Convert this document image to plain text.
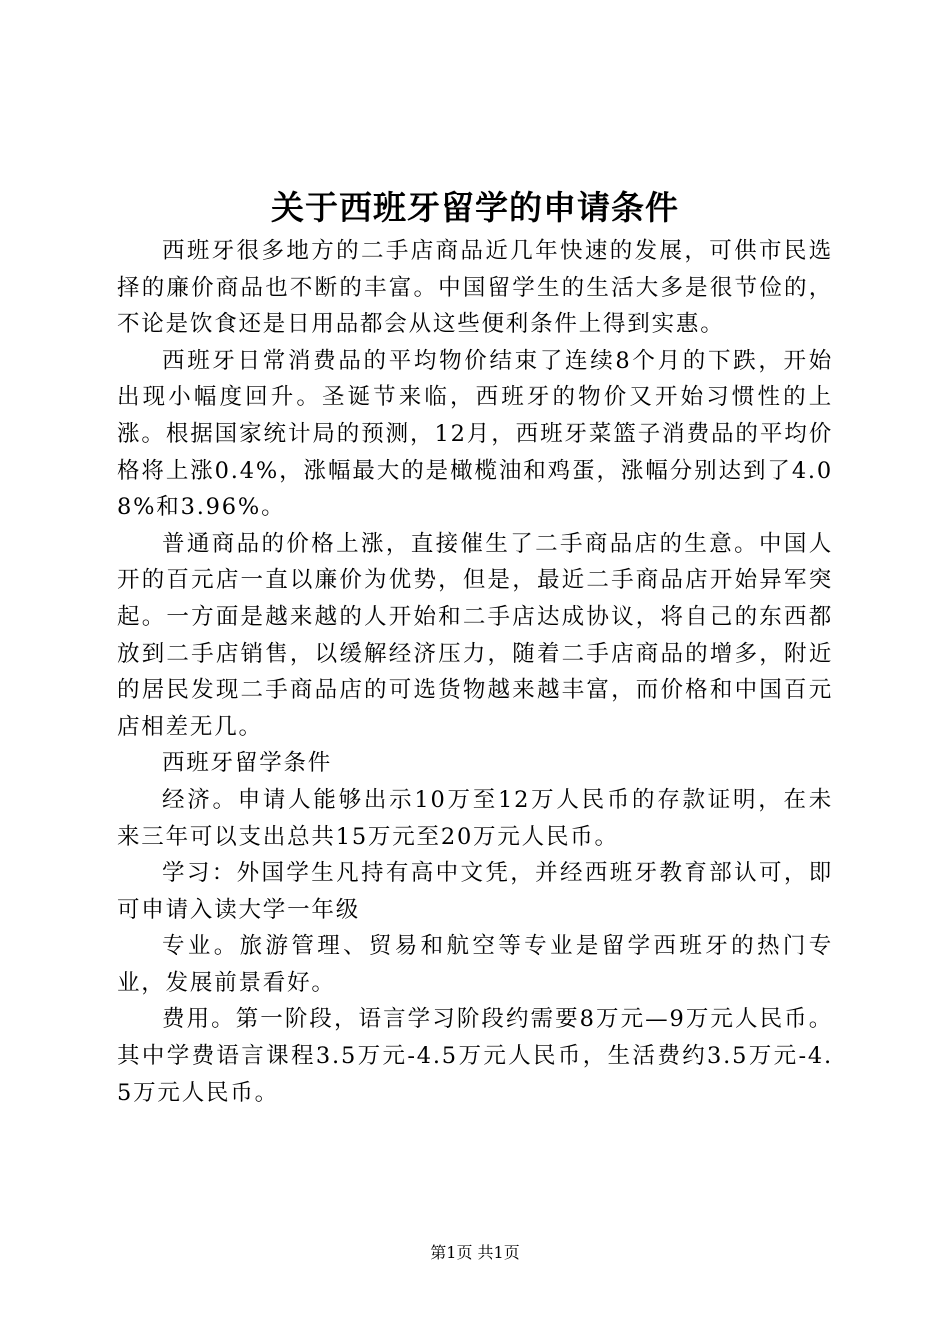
关于西班牙留学的申请条件

西班牙很多地方的二手店商品近几年快速的发展，可供市民选择的廉价商品也不断的丰富。中国留学生的生活大多是很节俭的，不论是饮食还是日用品都会从这些便利条件上得到实惠。

西班牙日常消费品的平均物价结束了连续8个月的下跌，开始出现小幅度回升。圣诞节来临，西班牙的物价又开始习惯性的上涨。根据国家统计局的预测，12月，西班牙菜篮子消费品的平均价格将上涨0.4%，涨幅最大的是橄榄油和鸡蛋，涨幅分别达到了4.08%和3.96%。

普通商品的价格上涨，直接催生了二手商品店的生意。中国人开的百元店一直以廉价为优势，但是，最近二手商品店开始异军突起。一方面是越来越的人开始和二手店达成协议，将自己的东西都放到二手店销售，以缓解经济压力，随着二手店商品的增多，附近的居民发现二手商品店的可选货物越来越丰富，而价格和中国百元店相差无几。

西班牙留学条件

经济。申请人能够出示10万至12万人民币的存款证明，在未来三年可以支出总共15万元至20万元人民币。

学习：外国学生凡持有高中文凭，并经西班牙教育部认可，即可申请入读大学一年级

专业。旅游管理、贸易和航空等专业是留学西班牙的热门专业，发展前景看好。

费用。第一阶段，语言学习阶段约需要8万元—9万元人民币。其中学费语言课程3.5万元-4.5万元人民币，生活费约3.5万元-4.5万元人民币。

第1页 共1页
